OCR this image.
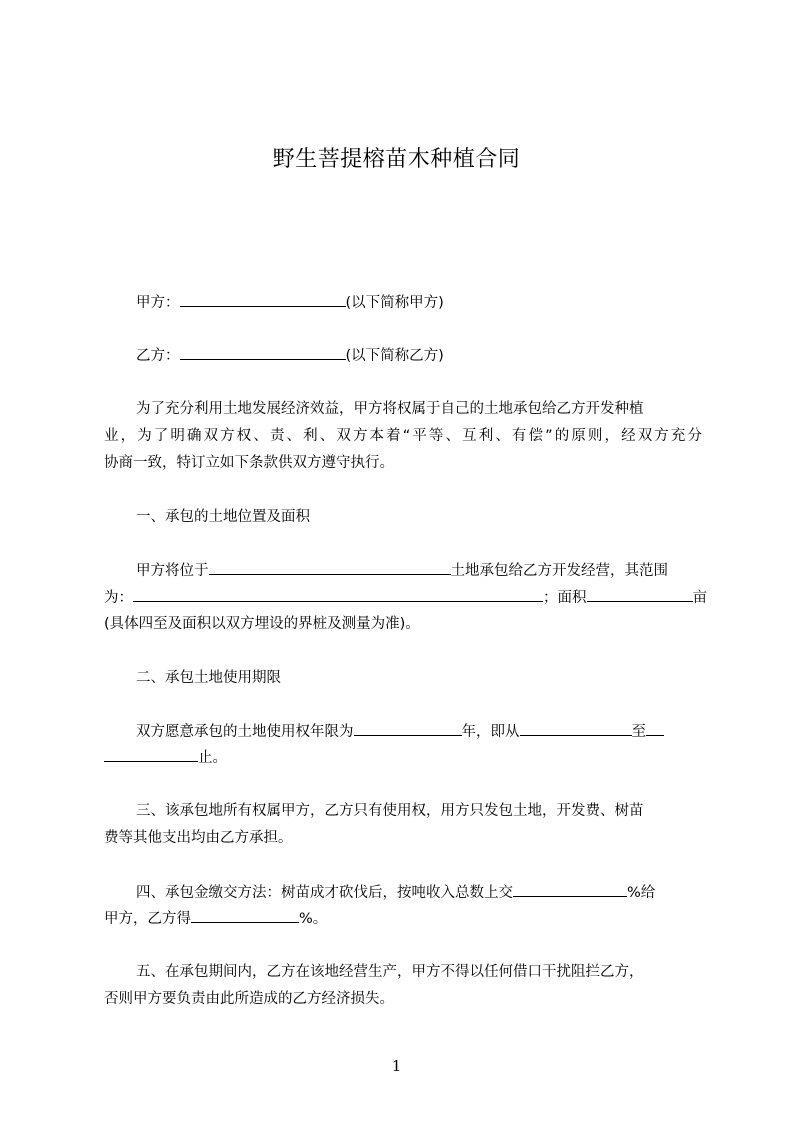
野生菩提榕苗木种植合同
甲方：	(以下简称甲方)
乙方：	(以下简称乙方)
为了充分利用土地发展经济效益，甲方将权属于自己的土地承包给乙方开发种植
业，为了明确双方权、责、利、双方本着“平等、互利、有偿”的原则，经双方充分
协商一致，特订立如下条款供双方遵守执行。
一、承包的土地位置及面积
甲方将位于	土地承包给乙方开发经营，其范围
为：	；面积	亩
(具体四至及面积以双方埋设的界桩及测量为准)。
二、承包土地使用期限
双方愿意承包的土地使用权年限为	年，即从	至
止。
三、该承包地所有权属甲方，乙方只有使用权，用方只发包土地，开发费、树苗
费等其他支出均由乙方承担。
四、承包金缴交方法：树苗成才砍伐后，按吨收入总数上交	%给
甲方，乙方得	%。
五、在承包期间内，乙方在该地经营生产，甲方不得以任何借口干扰阻拦乙方，
否则甲方要负责由此所造成的乙方经济损失。
1
